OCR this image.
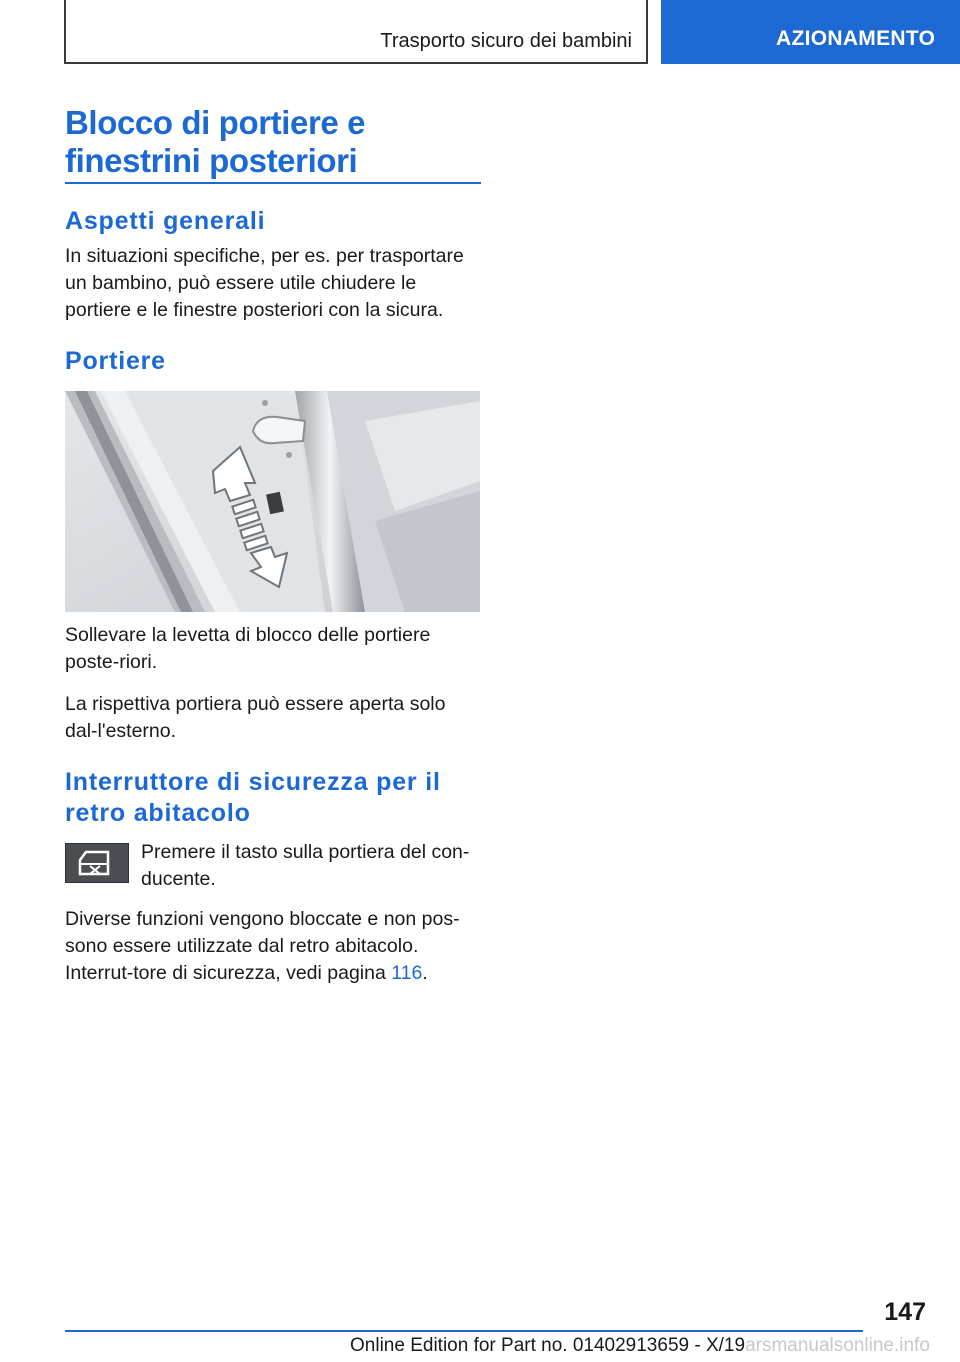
Trasporto sicuro dei bambini	AZIONAMENTO
Blocco di portiere e
finestrini posteriori
Aspetti generali

In situazioni specifiche, per es. per trasportare un bambino, può essere utile chiudere le portiere e le finestre posteriori con la sicura.

Portiere

Sollevare la levetta di blocco delle portiere poste-riori.

La rispettiva portiera può essere aperta solo dal-l'esterno.

Interruttore di sicurezza per il retro abitacolo

Premere il tasto sulla portiera del con-ducente.

Diverse funzioni vengono bloccate e non pos-sono essere utilizzate dal retro abitacolo. Interrut-tore di sicurezza, vedi pagina 116.

147
Online Edition for Part no. 01402913659 - X/19arsmanualsonline.info
